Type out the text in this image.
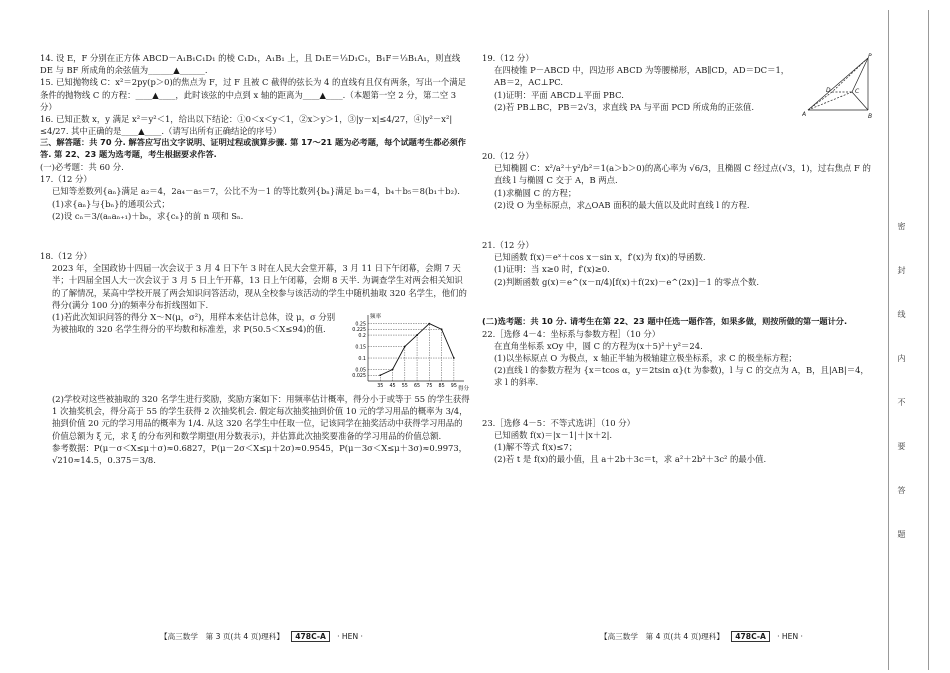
14. 设 E，F 分别在正方体 ABCD－A₁B₁C₁D₁ 的棱 C₁D₁，A₁B₁ 上，且 D₁E＝⅓D₁C₁，B₁F＝⅓B₁A₁，则直线 DE 与 BF 所成角的余弦值为______▲______.

15. 已知抛物线 C：x²＝2py(p＞0)的焦点为 F，过 F 且被 C 截得的弦长为 4 的直线有且仅有两条，写出一个满足条件的抛物线 C 的方程：____▲____，此时该弦的中点到 x 轴的距离为____▲____.（本题第一空 2 分，第二空 3 分）

16. 已知正数 x，y 满足 x²＝y²＜1，给出以下结论：①0＜x＜y＜1，②x＞y＞1，③|y－x|≤4/27，④|y²－x²|≤4/27. 其中正确的是____▲____.（请写出所有正确结论的序号）

三、解答题：共 70 分. 解答应写出文字说明、证明过程或演算步骤. 第 17～21 题为必考题，每个试题考生都必须作答. 第 22、23 题为选考题，考生根据要求作答.

(一)必考题：共 60 分.

17.（12 分）

已知等差数列{aₙ}满足 a₂＝4，2a₄－a₅＝7，公比不为－1 的等比数列{bₙ}满足 b₃＝4，b₄＋b₅＝8(b₁＋b₂).

(1)求{aₙ}与{bₙ}的通项公式；

(2)设 cₙ＝3/(aₙaₙ₊₁)＋bₙ，求{cₙ}的前 n 项和 Sₙ.

18.（12 分）

2023 年，全国政协十四届一次会议于 3 月 4 日下午 3 时在人民大会堂开幕，3 月 11 日下午闭幕，会期 7 天半；十四届全国人大一次会议于 3 月 5 日上午开幕，13 日上午闭幕，会期 8 天半. 为调查学生对两会相关知识的了解情况，某高中学校开展了两会知识问答活动，现从全校参与该活动的学生中随机抽取 320 名学生，他们的得分(满分 100 分)的频率分布折线图如下.

(1)若此次知识问答的得分 X～N(μ，σ²)，用样本来估计总体，设 μ，σ 分别为被抽取的 320 名学生得分的平均数和标准差，求 P(50.5＜X≤94)的值.

频率
得分
0.025
0.05
0.1
0.15
0.2
0.225
0.25
35 45 55 65 75 85 95

(2)学校对这些被抽取的 320 名学生进行奖励，奖励方案如下：用频率估计概率，得分小于或等于 55 的学生获得 1 次抽奖机会，得分高于 55 的学生获得 2 次抽奖机会. 假定每次抽奖抽到价值 10 元的学习用品的概率为 3/4，抽到价值 20 元的学习用品的概率为 1/4. 从这 320 名学生中任取一位，记该同学在抽奖活动中获得学习用品的价值总额为 ξ 元，求 ξ 的分布列和数学期望(用分数表示)，并估算此次抽奖要准备的学习用品的价值总额.

参考数据：P(μ－σ＜X≤μ＋σ)≈0.6827，P(μ－2σ＜X≤μ＋2σ)≈0.9545，P(μ－3σ＜X≤μ＋3σ)≈0.9973，√210≈14.5，0.375＝3/8.

【高三数学　第 3 页(共 4 页)理科】 478C-A · HEN ·

19.（12 分）

在四棱锥 P－ABCD 中，四边形 ABCD 为等腰梯形，AB∥CD，AD＝DC＝1，AB＝2，AC⊥PC.

(1)证明：平面 ABCD⊥平面 PBC.

(2)若 PB⊥BC，PB＝2√3，求直线 PA 与平面 PCD 所成角的正弦值.

P
C
D
A	B

20.（12 分）

已知椭圆 C：x²/a²＋y²/b²＝1(a＞b＞0)的离心率为 √6/3，且椭圆 C 经过点(√3，1)，过右焦点 F 的直线 l 与椭圆 C 交于 A，B 两点.

(1)求椭圆 C 的方程；

(2)设 O 为坐标原点，求△OAB 面积的最大值以及此时直线 l 的方程.

21.（12 分）

已知函数 f(x)＝eˣ＋cos x－sin x，f′(x)为 f(x)的导函数.

(1)证明：当 x≥0 时，f′(x)≥0.

(2)判断函数 g(x)＝e^(x－π/4)[f(x)＋f(2x)－e^(2x)]－1 的零点个数.

(二)选考题：共 10 分. 请考生在第 22、23 题中任选一题作答，如果多做，则按所做的第一题计分.

22.［选修 4－4：坐标系与参数方程］（10 分）

在直角坐标系 xOy 中，圆 C 的方程为(x＋5)²＋y²＝24.

(1)以坐标原点 O 为极点，x 轴正半轴为极轴建立极坐标系，求 C 的极坐标方程；

(2)直线 l 的参数方程为 {x＝tcos α，y＝2tsin α}(t 为参数)，l 与 C 的交点为 A，B，且|AB|＝4，求 l 的斜率.

23.［选修 4－5：不等式选讲］（10 分）

已知函数 f(x)＝|x－1|＋|x＋2|.

(1)解不等式 f(x)≤7；

(2)若 t 是 f(x)的最小值，且 a＋2b＋3c＝t，求 a²＋2b²＋3c² 的最小值.

【高三数学　第 4 页(共 4 页)理科】 478C-A · HEN ·
密　封　线　内　不　要　答　题
